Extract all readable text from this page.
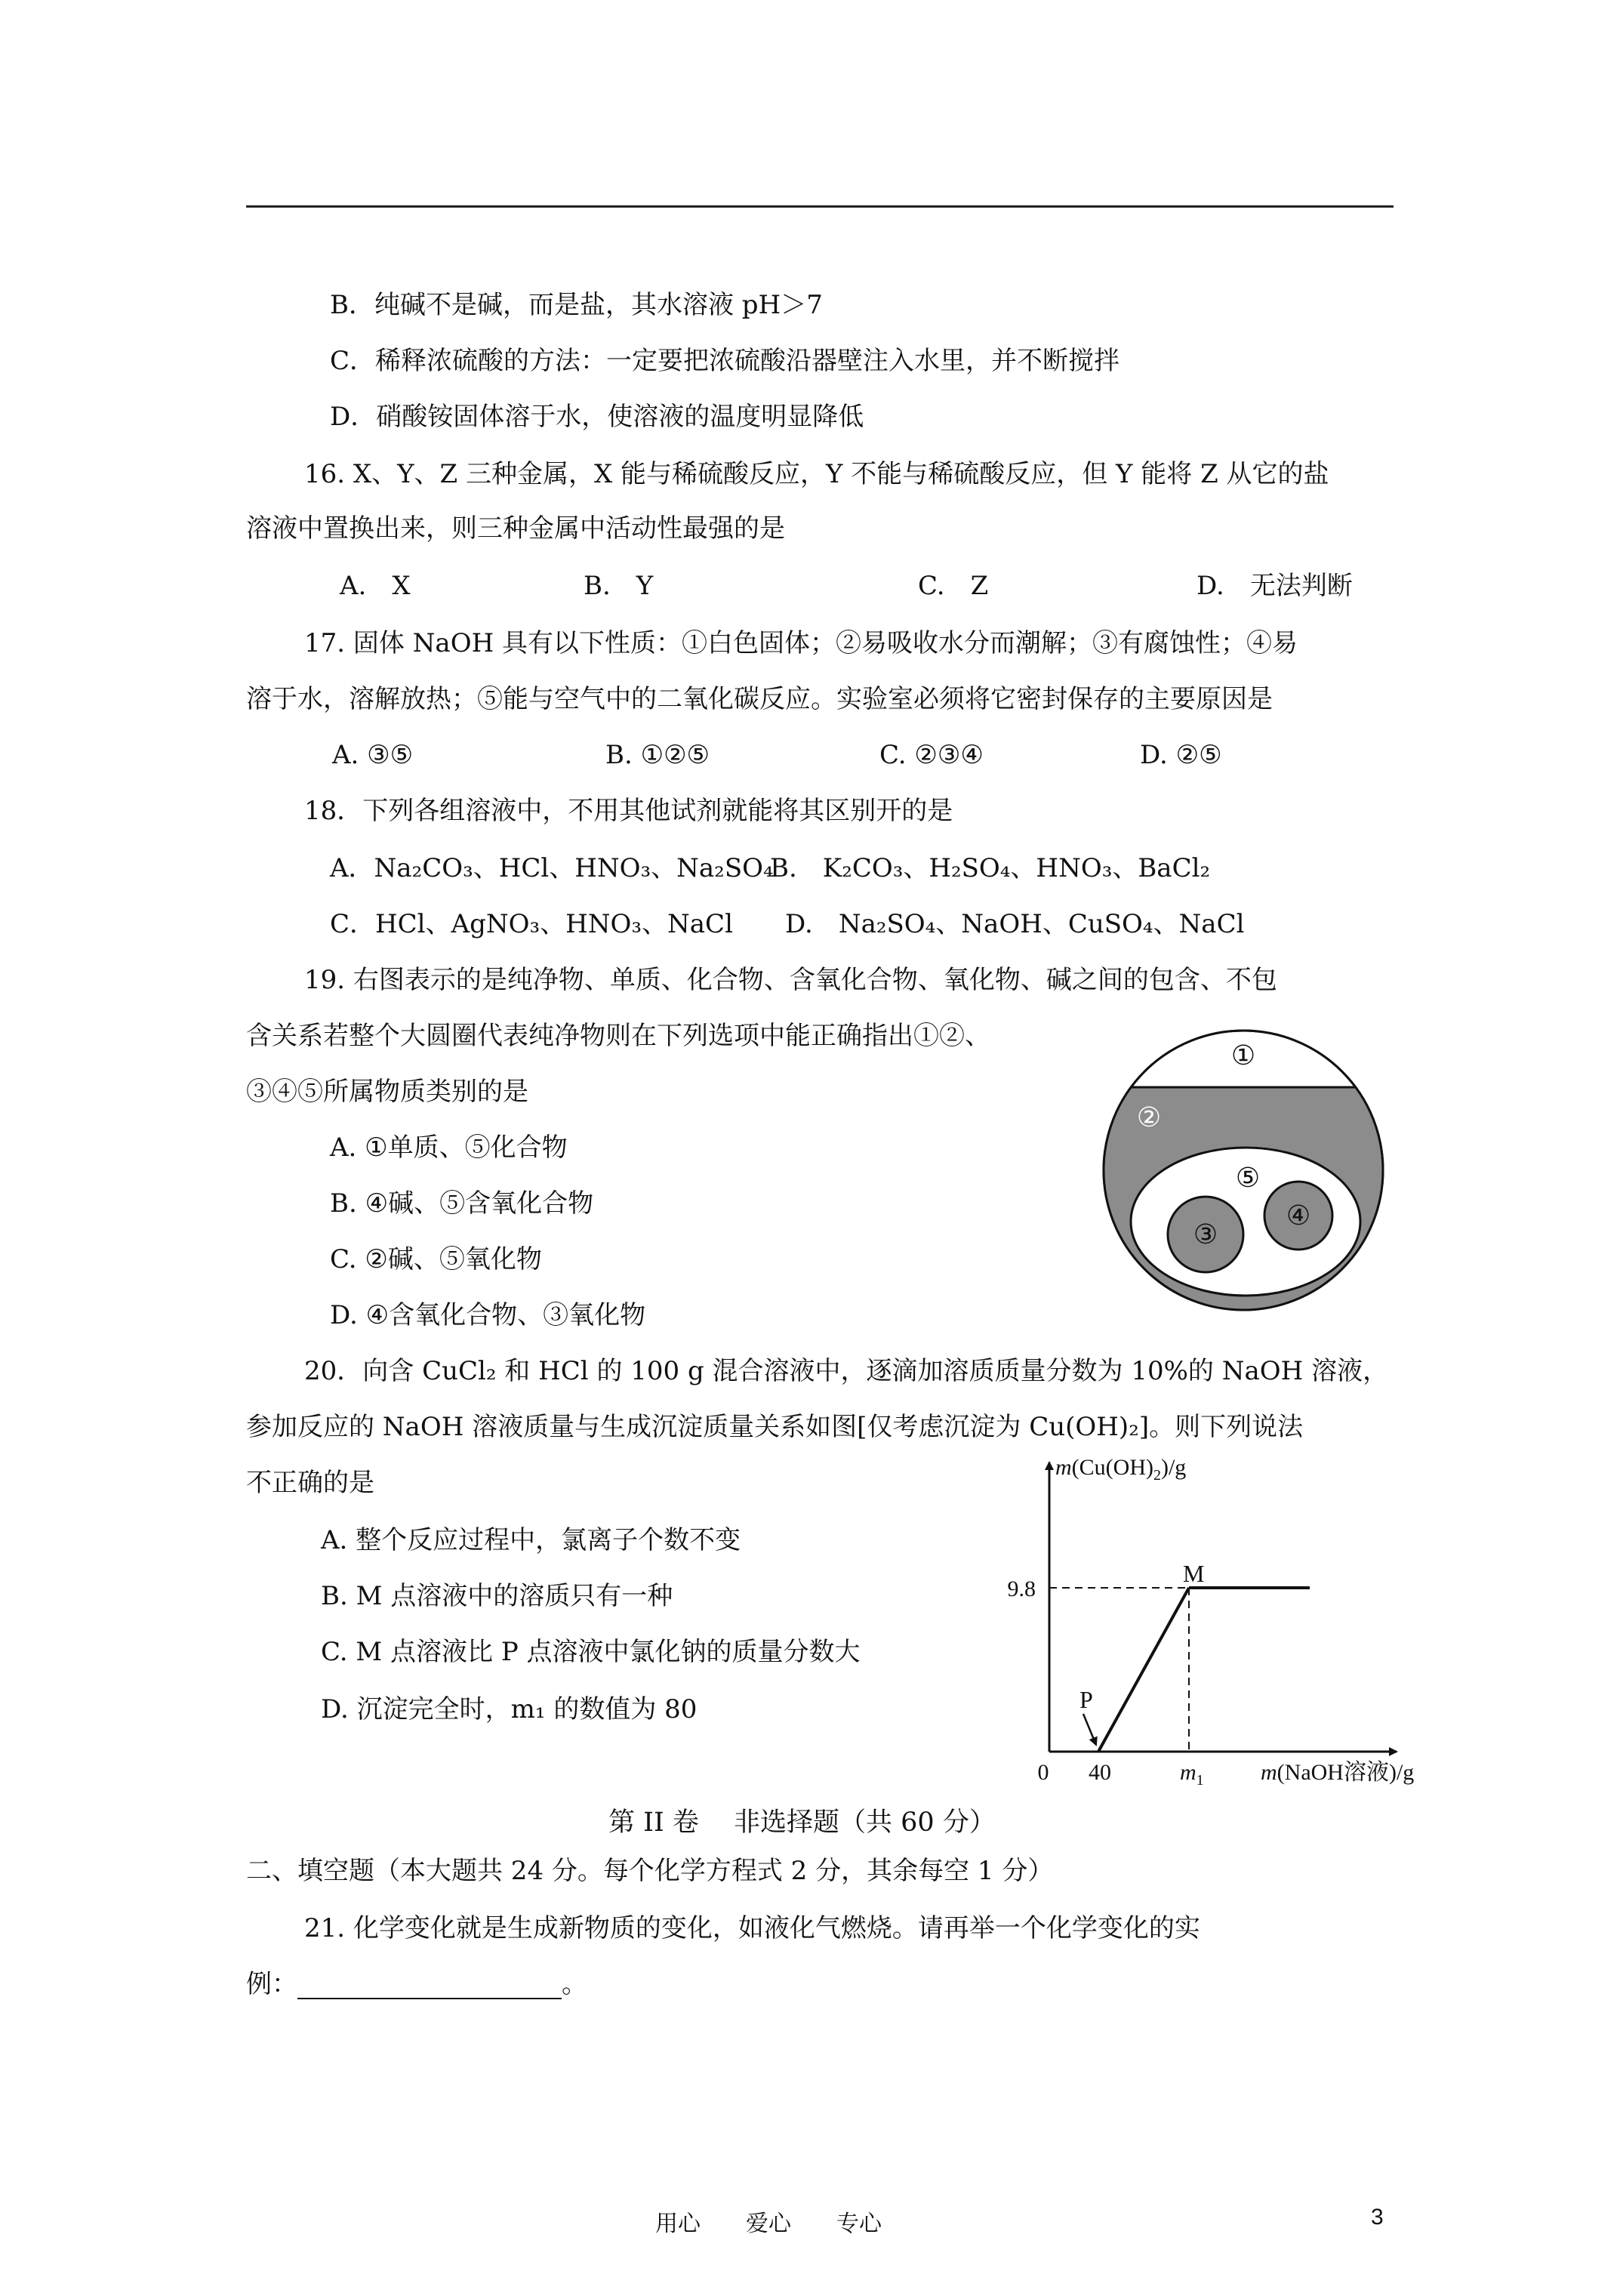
B．纯碱不是碱，而是盐，其水溶液 pH＞7
C．稀释浓硫酸的方法：一定要把浓硫酸沿器壁注入水里，并不断搅拌
D．硝酸铵固体溶于水，使溶液的温度明显降低
16. X、Y、Z 三种金属，X 能与稀硫酸反应，Y 不能与稀硫酸反应，但 Y 能将 Z 从它的盐
溶液中置换出来，则三种金属中活动性最强的是
A.　X	B.　Y	C.　Z	D.　无法判断
17. 固体 NaOH 具有以下性质：①白色固体；②易吸收水分而潮解；③有腐蚀性；④易
溶于水，溶解放热；⑤能与空气中的二氧化碳反应。实验室必须将它密封保存的主要原因是
A. ③⑤	B. ①②⑤	C. ②③④	D. ②⑤
18．下列各组溶液中，不用其他试剂就能将其区别开的是
A．Na₂CO₃、HCl、HNO₃、Na₂SO₄
B.　K₂CO₃、H₂SO₄、HNO₃、BaCl₂
C．HCl、AgNO₃、HNO₃、NaCl D.　Na₂SO₄、NaOH、CuSO₄、NaCl
19. 右图表示的是纯净物、单质、化合物、含氧化合物、氧化物、碱之间的包含、不包
含关系若整个大圆圈代表纯净物则在下列选项中能正确指出①②、
③④⑤所属物质类别的是
A. ①单质、⑤化合物
B. ④碱、⑤含氧化合物
C. ②碱、⑤氧化物
D. ④含氧化合物、③氧化物
①
②
③
④
⑤
20．向含 CuCl₂ 和 HCl 的 100 g 混合溶液中，逐滴加溶质质量分数为 10%的 NaOH 溶液，
参加反应的 NaOH 溶液质量与生成沉淀质量关系如图[仅考虑沉淀为 Cu(OH)₂]。则下列说法
不正确的是
A. 整个反应过程中，氯离子个数不变
B. M 点溶液中的溶质只有一种
C. M 点溶液比 P 点溶液中氯化钠的质量分数大
D. 沉淀完全时，m₁ 的数值为 80
$m(Cu(OH)_2)/g$
9.8
M
P
0 40	$m_1$	m(NaOH溶液)/g
第 II 卷　 非选择题（共 60 分）
二、填空题（本大题共 24 分。每个化学方程式 2 分，其余每空 1 分）
21. 化学变化就是生成新物质的变化，如液化气燃烧。请再举一个化学变化的实
例：	。
用心　　爱心　　专心	3
